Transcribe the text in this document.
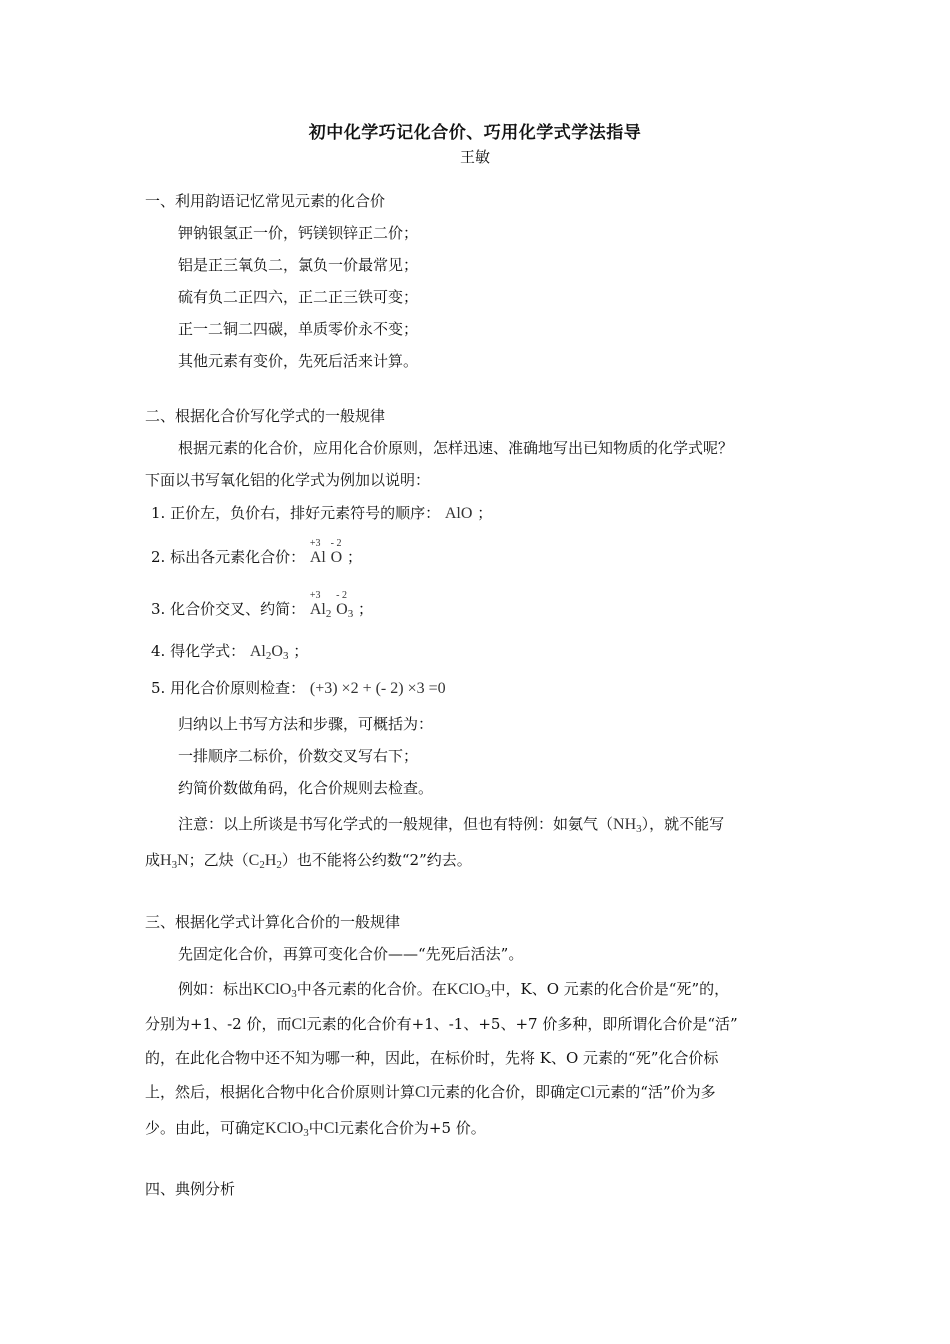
初中化学巧记化合价、巧用化学式学法指导
王敏
一、利用韵语记忆常见元素的化合价
钾钠银氢正一价，钙镁钡锌正二价；
铝是正三氧负二，氯负一价最常见；
硫有负二正四六，正二正三铁可变；
正一二铜二四碳，单质零价永不变；
其他元素有变价，先死后活来计算。
二、根据化合价写化学式的一般规律
根据元素的化合价，应用化合价原则，怎样迅速、准确地写出已知物质的化学式呢？
下面以书写氧化铝的化学式为例加以说明：
1. 正价左，负价右，排好元素符号的顺序： AlO ；
2. 标出各元素化合价：
+3
Al
- 2
O ；
3. 化合价交叉、约简：
+3
$Al_2$
- 2
$O_3$ ；
4. 得化学式： $Al_2O_3$ ；
5. 用化合价原则检查： (+3) ×2 + (- 2) ×3 =0
归纳以上书写方法和步骤，可概括为：
一排顺序二标价，价数交叉写右下；
约简价数做角码，化合价规则去检查。
注意：以上所谈是书写化学式的一般规律，但也有特例：如氨气$(NH_3)$，就不能写
成$H_3N$；乙炔$(C_2H_2)$也不能将公约数“2”约去。
三、根据化学式计算化合价的一般规律
先固定化合价，再算可变化合价——“先死后活法”。
例如：标出KClO$_3$中各元素的化合价。在KClO$_3$中，K、O 元素的化合价是“死”的，
分别为+1、-2 价，而Cl元素的化合价有+1、-1、+5、+7 价多种，即所谓化合价是“活”
的，在此化合物中还不知为哪一种，因此，在标价时，先将 K、O 元素的“死”化合价标
上，然后，根据化合物中化合价原则计算Cl元素的化合价，即确定Cl元素的“活”价为多
少。由此，可确定KClO$_3$中Cl元素化合价为+5 价。
四、典例分析
